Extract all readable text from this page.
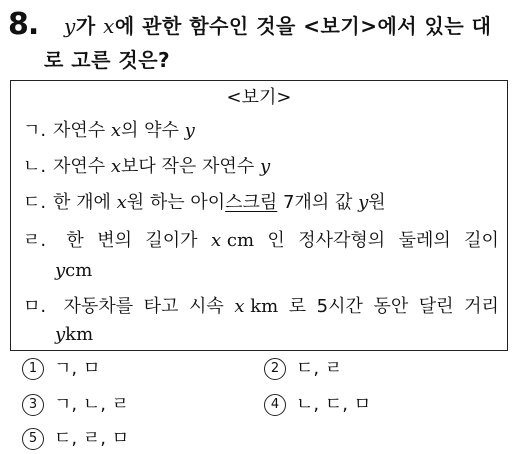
8. y가 x에 관한 함수인 것을 <보기>에서 있는 대
로 고른 것은?
<보기>
ㄱ. 자연수 x의 약수 y
ㄴ. 자연수 x보다 작은 자연수 y
ㄷ. 한 개에 x원 하는 아이스크림 7개의 값 y원
ㄹ.	한 변의 길이가 x cm 인 정사각형의 둘레의 길이
ycm
ㅁ. 자동차를 타고 시속 x km 로 5시간 동안 달린 거리
ykm
1 ㄱ, ㅁ	2 ㄷ, ㄹ
3 ㄱ, ㄴ, ㄹ	4 ㄴ, ㄷ, ㅁ
5 ㄷ, ㄹ, ㅁ
